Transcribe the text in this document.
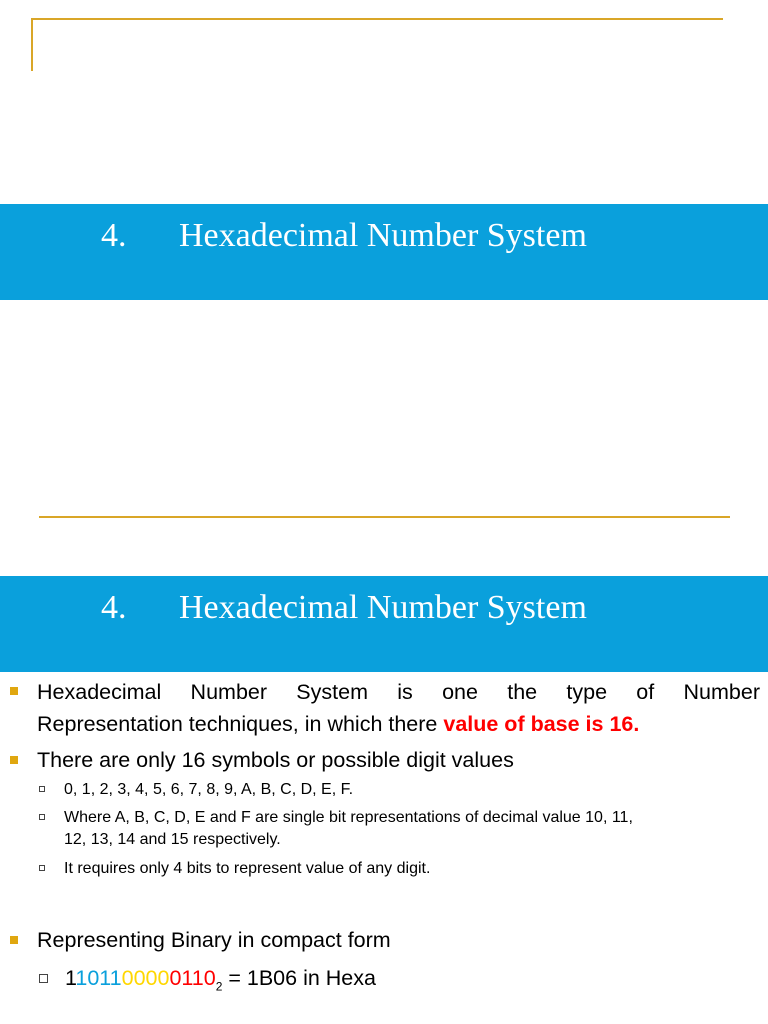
4. Hexadecimal Number System
4. Hexadecimal Number System
Hexadecimal Number System is one the type of Number
Representation techniques, in which there value of base is 16.
There are only 16 symbols or possible digit values
0, 1, 2, 3, 4, 5, 6, 7, 8, 9, A, B, C, D, E, F.
Where A, B, C, D, E and F are single bit representations of decimal value 10, 11,
12, 13, 14 and 15 respectively.
It requires only 4 bits to represent value of any digit.
Representing Binary in compact form
$1101100000110_2 = 1B06$ in Hexa
